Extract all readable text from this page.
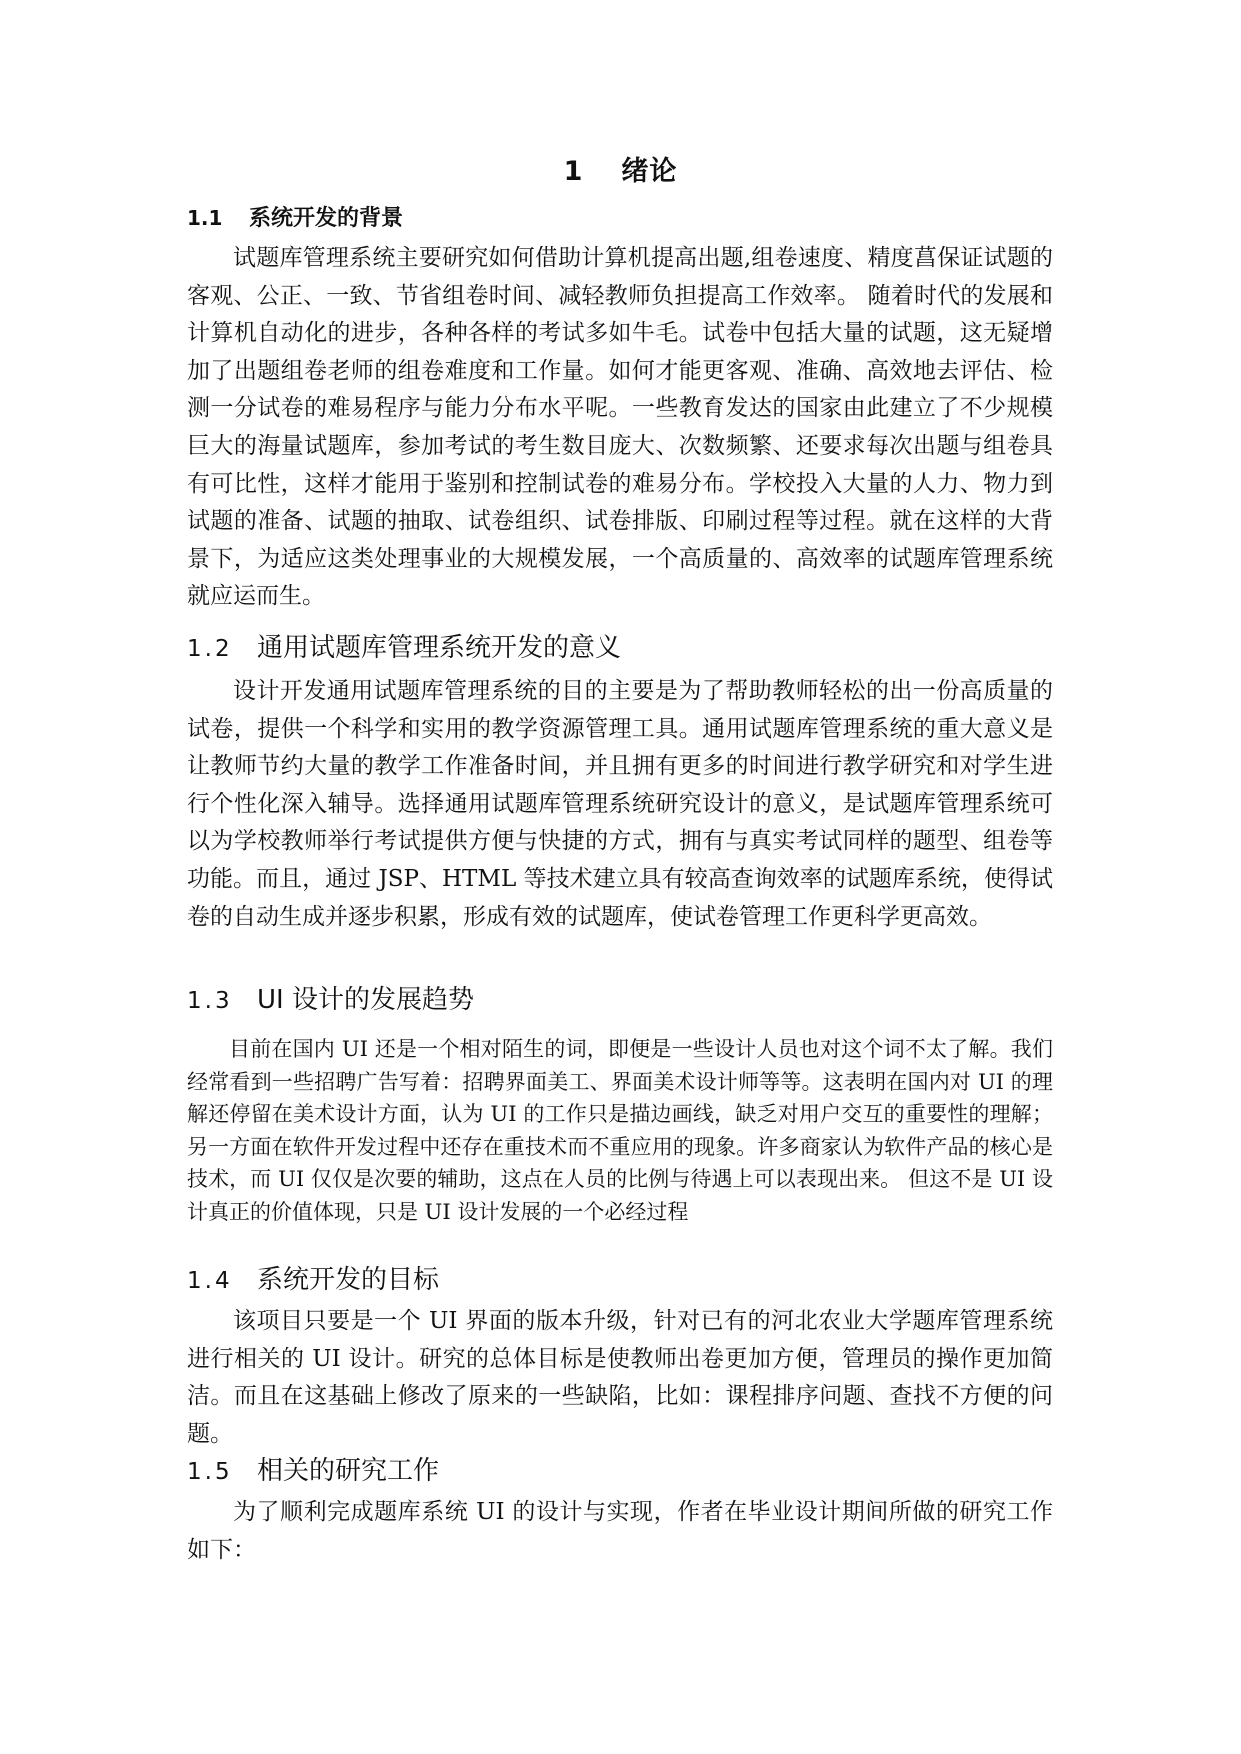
1 绪论
1.1 系统开发的背景

试题库管理系统主要研究如何借助计算机提高出题,组卷速度、精度菖保证试题的客观、公正、一致、节省组卷时间、减轻教师负担提高工作效率。 随着时代的发展和计算机自动化的进步，各种各样的考试多如牛毛。试卷中包括大量的试题，这无疑增加了出题组卷老师的组卷难度和工作量。如何才能更客观、准确、高效地去评估、检测一分试卷的难易程序与能力分布水平呢。一些教育发达的国家由此建立了不少规模巨大的海量试题库，参加考试的考生数目庞大、次数频繁、还要求每次出题与组卷具有可比性，这样才能用于鉴别和控制试卷的难易分布。学校投入大量的人力、物力到试题的准备、试题的抽取、试卷组织、试卷排版、印刷过程等过程。就在这样的大背景下，为适应这类处理事业的大规模发展，一个高质量的、高效率的试题库管理系统就应运而生。

1.2 通用试题库管理系统开发的意义

设计开发通用试题库管理系统的目的主要是为了帮助教师轻松的出一份高质量的试卷，提供一个科学和实用的教学资源管理工具。通用试题库管理系统的重大意义是让教师节约大量的教学工作准备时间，并且拥有更多的时间进行教学研究和对学生进行个性化深入辅导。选择通用试题库管理系统研究设计的意义，是试题库管理系统可以为学校教师举行考试提供方便与快捷的方式，拥有与真实考试同样的题型、组卷等功能。而且，通过 JSP、HTML 等技术建立具有较高查询效率的试题库系统，使得试卷的自动生成并逐步积累，形成有效的试题库，使试卷管理工作更科学更高效。

1.3 UI 设计的发展趋势

目前在国内 UI 还是一个相对陌生的词，即便是一些设计人员也对这个词不太了解。我们经常看到一些招聘广告写着：招聘界面美工、界面美术设计师等等。这表明在国内对 UI 的理解还停留在美术设计方面，认为 UI 的工作只是描边画线，缺乏对用户交互的重要性的理解；另一方面在软件开发过程中还存在重技术而不重应用的现象。许多商家认为软件产品的核心是技术，而 UI 仅仅是次要的辅助，这点在人员的比例与待遇上可以表现出来。 但这不是 UI 设计真正的价值体现，只是 UI 设计发展的一个必经过程

1.4 系统开发的目标

该项目只要是一个 UI 界面的版本升级，针对已有的河北农业大学题库管理系统进行相关的 UI 设计。研究的总体目标是使教师出卷更加方便，管理员的操作更加简洁。而且在这基础上修改了原来的一些缺陷，比如：课程排序问题、查找不方便的问题。

1.5 相关的研究工作

为了顺利完成题库系统 UI 的设计与实现，作者在毕业设计期间所做的研究工作如下：
